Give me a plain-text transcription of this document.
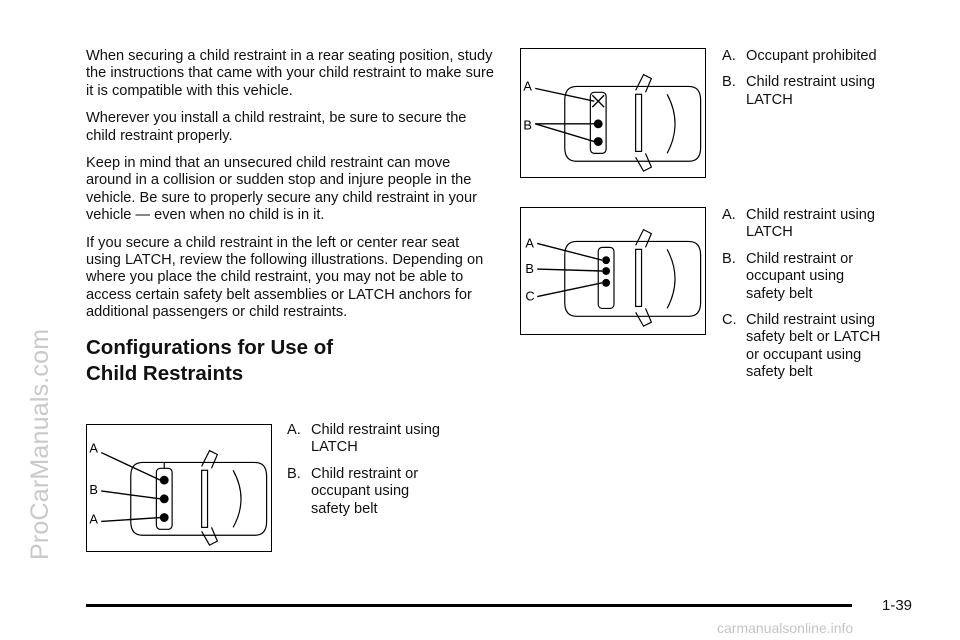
ProCarManuals.com

When securing a child restraint in a rear seating position, study the instructions that came with your child restraint to make sure it is compatible with this vehicle.

Wherever you install a child restraint, be sure to secure the child restraint properly.

Keep in mind that an unsecured child restraint can move around in a collision or sudden stop and injure people in the vehicle. Be sure to properly secure any child restraint in your vehicle — even when no child is in it.

If you secure a child restraint in the left or center rear seat using LATCH, review the following illustrations. Depending on where you place the child restraint, you may not be able to access certain safety belt assemblies or LATCH anchors for additional passengers or child restraints.

Configurations for Use of
Child Restraints
A
B
A
A. Child restraint using LATCH
B. Child restraint or occupant using safety belt
A
B
A. Occupant prohibited
B. Child restraint using LATCH
A
B
C
A. Child restraint using LATCH
B. Child restraint or occupant using safety belt
C. Child restraint using safety belt or LATCH or occupant using safety belt
1-39
carmanualsonline.info
